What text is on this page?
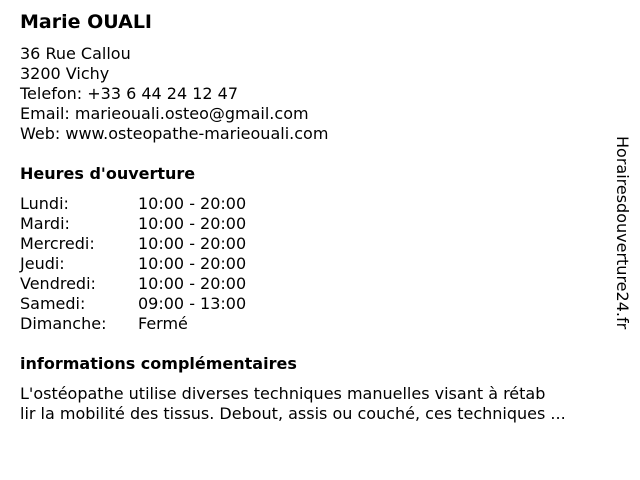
Marie OUALI
36 Rue Callou
3200 Vichy
Telefon: +33 6 44 24 12 47
Email: marieouali.osteo@gmail.com
Web: www.osteopathe-marieouali.com
Heures d'ouverture
Lundi:	10:00 - 20:00
Mardi:	10:00 - 20:00
Mercredi:	10:00 - 20:00
Jeudi:	10:00 - 20:00
Vendredi:	10:00 - 20:00
Samedi:	09:00 - 13:00
Dimanche:	Fermé
informations complémentaires
L'ostéopathe utilise diverses techniques manuelles visant à rétab
lir la mobilité des tissus. Debout, assis ou couché, ces techniques ...
Horairesdouverture24.fr
